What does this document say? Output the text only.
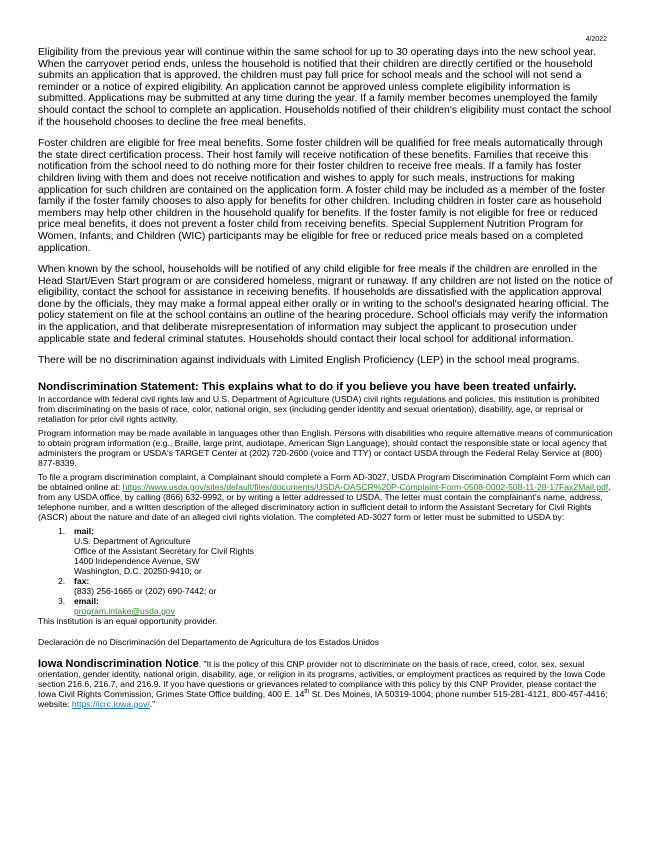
4/2022

Eligibility from the previous year will continue within the same school for up to 30 operating days into the new school year. When the carryover period ends, unless the household is notified that their children are directly certified or the household submits an application that is approved, the children must pay full price for school meals and the school will not send a reminder or a notice of expired eligibility. An application cannot be approved unless complete eligibility information is submitted. Applications may be submitted at any time during the year. If a family member becomes unemployed the family should contact the school to complete an application. Households notified of their children's eligibility must contact the school if the household chooses to decline the free meal benefits.

Foster children are eligible for free meal benefits. Some foster children will be qualified for free meals automatically through the state direct certification process. Their host family will receive notification of these benefits. Families that receive this notification from the school need to do nothing more for their foster children to receive free meals. If a family has foster children living with them and does not receive notification and wishes to apply for such meals, instructions for making application for such children are contained on the application form. A foster child may be included as a member of the foster family if the foster family chooses to also apply for benefits for other children. Including children in foster care as household members may help other children in the household qualify for benefits. If the foster family is not eligible for free or reduced price meal benefits, it does not prevent a foster child from receiving benefits. Special Supplement Nutrition Program for Women, Infants, and Children (WIC) participants may be eligible for free or reduced price meals based on a completed application.

When known by the school, households will be notified of any child eligible for free meals if the children are enrolled in the Head Start/Even Start program or are considered homeless, migrant or runaway. If any children are not listed on the notice of eligibility, contact the school for assistance in receiving benefits. If households are dissatisfied with the application approval done by the officials, they may make a formal appeal either orally or in writing to the school's designated hearing official. The policy statement on file at the school contains an outline of the hearing procedure. School officials may verify the information in the application, and that deliberate misrepresentation of information may subject the applicant to prosecution under applicable state and federal criminal statutes. Households should contact their local school for additional information.

There will be no discrimination against individuals with Limited English Proficiency (LEP) in the school meal programs.

Nondiscrimination Statement: This explains what to do if you believe you have been treated unfairly.

In accordance with federal civil rights law and U.S. Department of Agriculture (USDA) civil rights regulations and policies, this institution is prohibited from discriminating on the basis of race, color, national origin, sex (including gender identity and sexual orientation), disability, age, or reprisal or retaliation for prior civil rights activity.

Program information may be made available in languages other than English. Persons with disabilities who require alternative means of communication to obtain program information (e.g., Braille, large print, audiotape, American Sign Language), should contact the responsible state or local agency that administers the program or USDA's TARGET Center at (202) 720-2600 (voice and TTY) or contact USDA through the Federal Relay Service at (800) 877-8339.

To file a program discrimination complaint, a Complainant should complete a Form AD-3027, USDA Program Discrimination Complaint Form which can be obtained online at: https://www.usda.gov/sites/default/files/documents/USDA-OASCR%20P-Complaint-Form-0508-0002-508-11-28-17Fax2Mail.pdf, from any USDA office, by calling (866) 632-9992, or by writing a letter addressed to USDA. The letter must contain the complainant's name, address, telephone number, and a written description of the alleged discriminatory action in sufficient detail to inform the Assistant Secretary for Civil Rights (ASCR) about the nature and date of an alleged civil rights violation. The completed AD-3027 form or letter must be submitted to USDA by:

1.	mail:
U.S. Department of Agriculture
Office of the Assistant Secretary for Civil Rights
1400 Independence Avenue, SW
Washington, D.C. 20250-9410; or
2.	fax:
(833) 256-1665 or (202) 690-7442; or
3.	email:
program.intake@usda.gov
This institution is an equal opportunity provider.
Declaración de no Discriminación del Departamento de Agricultura de los Estados Unidos
Iowa Nondiscrimination Notice. "It is the policy of this CNP provider not to discriminate on the basis of race, creed, color, sex, sexual orientation, gender identity, national origin, disability, age, or religion in its programs, activities, or employment practices as required by the Iowa Code section 216.6, 216.7, and 216.9. If you have questions or grievances related to compliance with this policy by this CNP Provider, please contact the Iowa Civil Rights Commission, Grimes State Office building, 400 E. 14th St. Des Moines, IA 50319-1004; phone number 515-281-4121, 800-457-4416; website: https://icrc.iowa.gov/."
